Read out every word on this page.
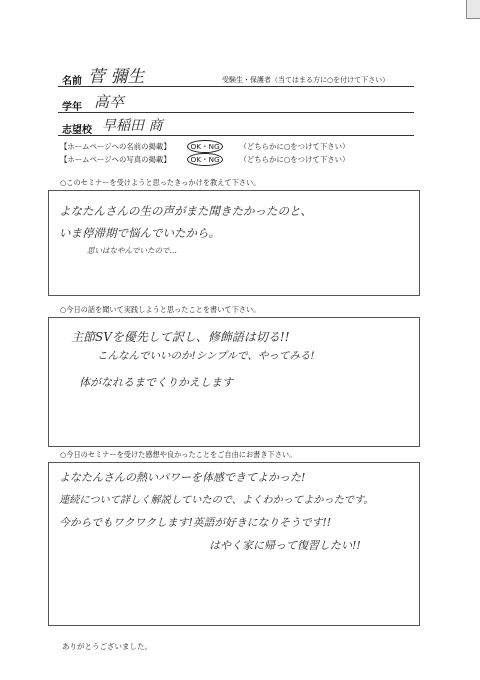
名前 菅 彌生	受験生・保護者（当てはまる方に○を付けて下さい）
学年 高卒
志望校 早稲田 商
【ホームページへの名前の掲載】	OK・NG	（どちらかに○をつけて下さい）
【ホームページへの写真の掲載】	OK・NG	（どちらかに○をつけて下さい）
○このセミナーを受けようと思ったきっかけを教えて下さい。
よなたんさんの生の声がまた聞きたかったのと、
いま停滞期で悩んでいたから。
思いはなやんでいたので…
○今日の話を聞いて実践しようと思ったことを書いて下さい。
主節SVを優先して訳し、修飾語は切る!!
こんなんでいいのか!シンプルで、やってみる!
体がなれるまでくりかえします
○今日のセミナーを受けた感想や良かったことをご自由にお書き下さい。
よなたんさんの熱いパワーを体感できてよかった!
連続について詳しく解説していたので、よくわかってよかったです。
今からでもワクワクします!英語が好きになりそうです!!
はやく家に帰って復習したい!!
ありがとうございました。
